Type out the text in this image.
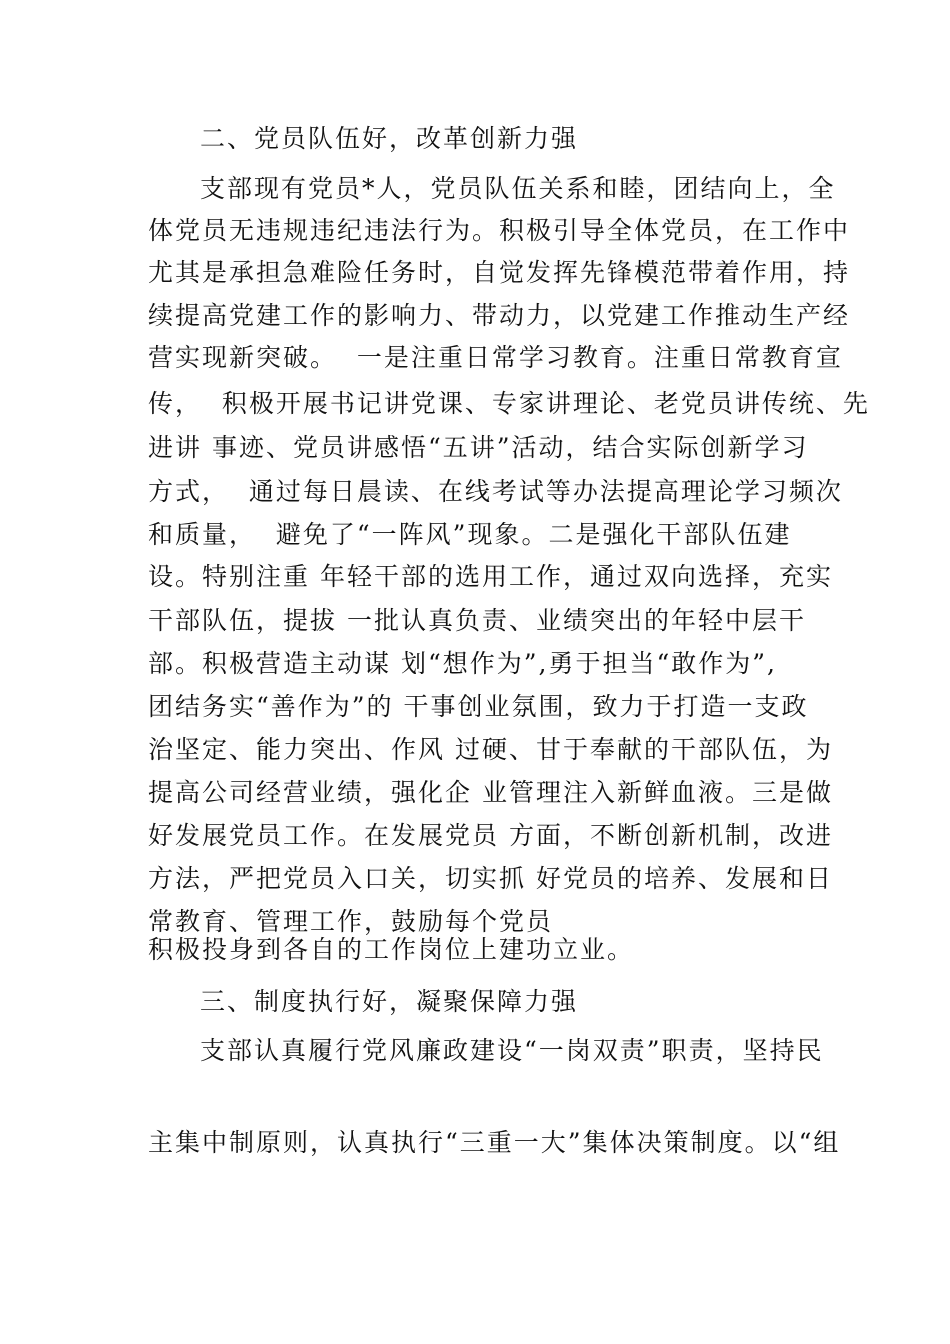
二、党员队伍好，改革创新力强
支部现有党员*人，党员队伍关系和睦，团结向上，全
体党员无违规违纪违法行为。积极引导全体党员，在工作中
尤其是承担急难险任务时，自觉发挥先锋模范带着作用，持
续提高党建工作的影响力、带动力，以党建工作推动生产经
营实现新突破。  一是注重日常学习教育。注重日常教育宣
传，  积极开展书记讲党课、专家讲理论、老党员讲传统、先
进讲 事迹、党员讲感悟“五讲”活动，结合实际创新学习
方式，  通过每日晨读、在线考试等办法提高理论学习频次
和质量，  避免了“一阵风”现象。二是强化干部队伍建
设。特别注重 年轻干部的选用工作，通过双向选择，充实
干部队伍，提拔 一批认真负责、业绩突出的年轻中层干
部。积极营造主动谋 划“想作为”,勇于担当“敢作为”,
团结务实“善作为”的 干事创业氛围，致力于打造一支政
治坚定、能力突出、作风 过硬、甘于奉献的干部队伍，为
提高公司经营业绩，强化企 业管理注入新鲜血液。三是做
好发展党员工作。在发展党员 方面，不断创新机制，改进
方法，严把党员入口关，切实抓 好党员的培养、发展和日
常教育、管理工作，鼓励每个党员
积极投身到各自的工作岗位上建功立业。
三、制度执行好，凝聚保障力强
支部认真履行党风廉政建设“一岗双责”职责，坚持民
主集中制原则，认真执行“三重一大”集体决策制度。以“组
